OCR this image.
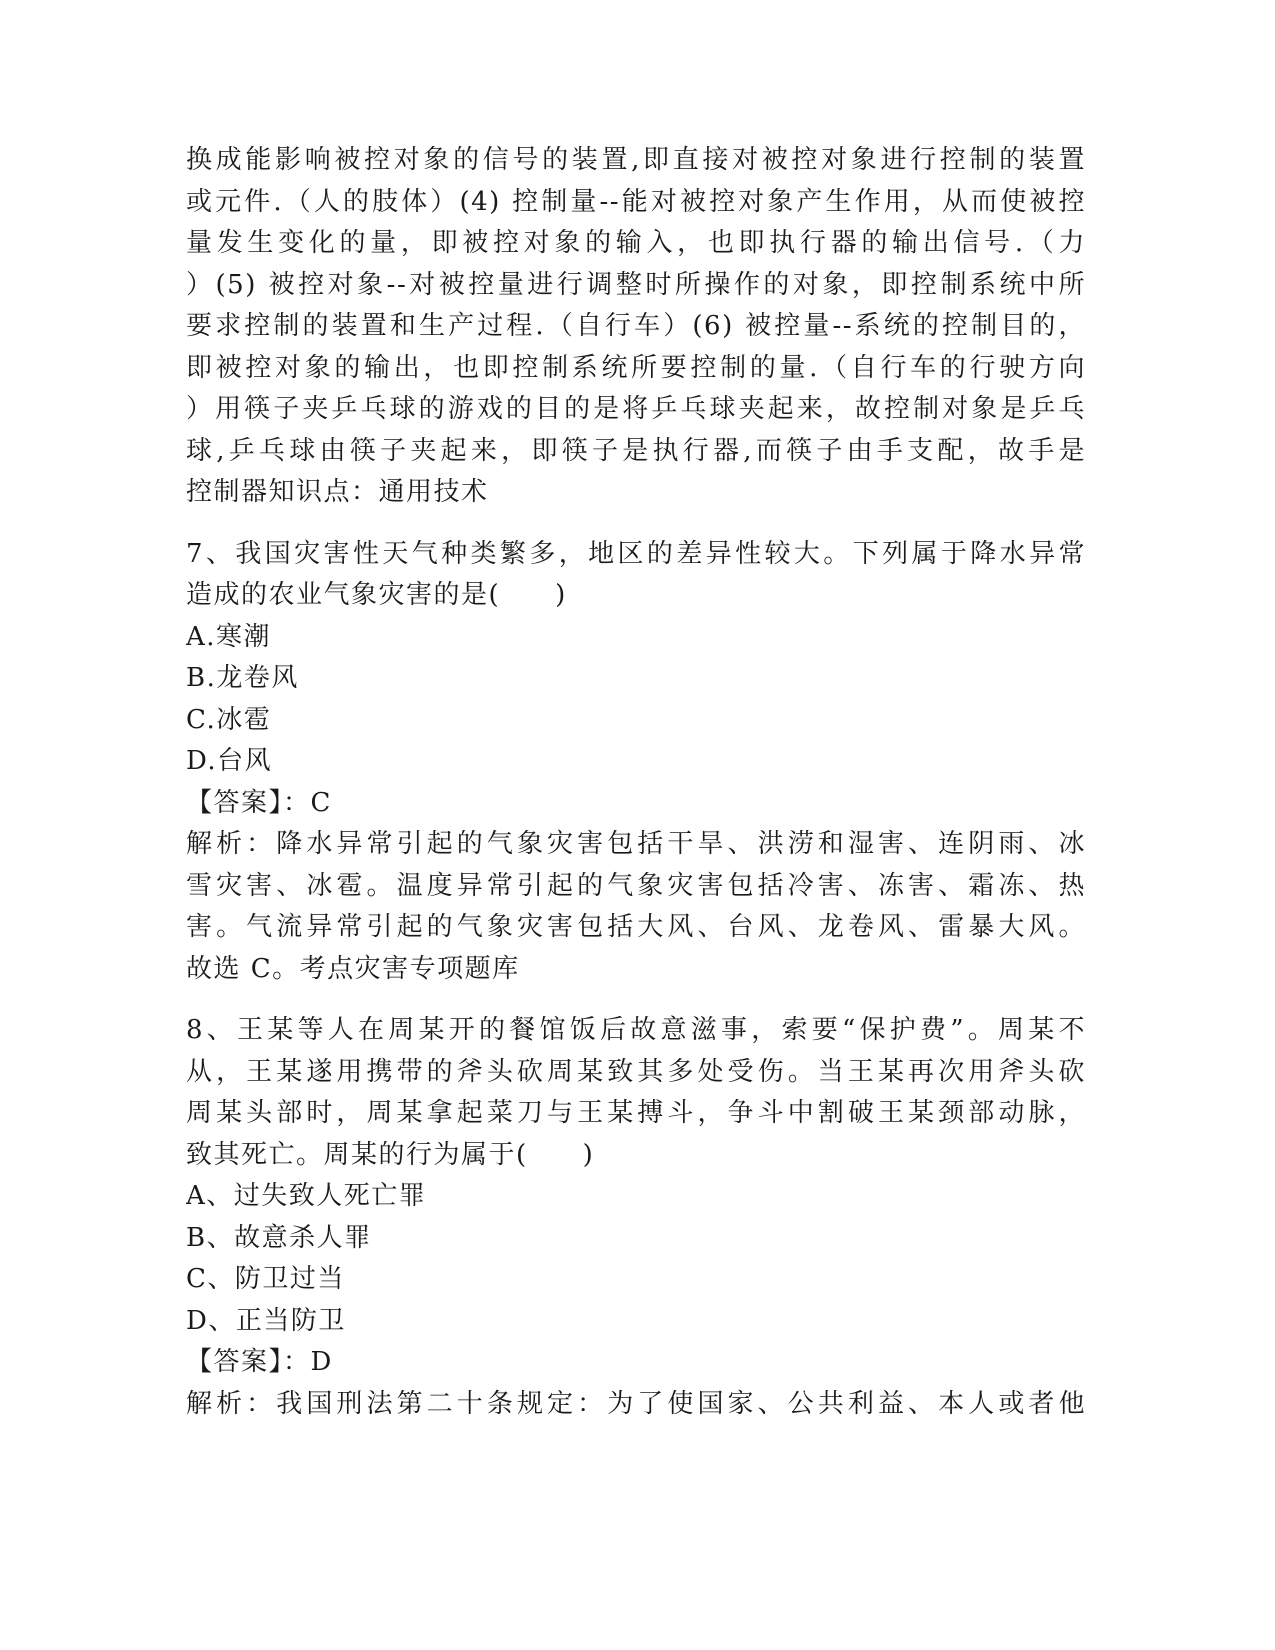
换成能影响被控对象的信号的装置,即直接对被控对象进行控制的装置
或元件.（人的肢体）(4) 控制量--能对被控对象产生作用，从而使被控
量发生变化的量，即被控对象的输入，也即执行器的输出信号.（力
）(5) 被控对象--对被控量进行调整时所操作的对象，即控制系统中所
要求控制的装置和生产过程.（自行车）(6) 被控量--系统的控制目的，
即被控对象的输出，也即控制系统所要控制的量.（自行车的行驶方向
）用筷子夹乒乓球的游戏的目的是将乒乓球夹起来，故控制对象是乒乓
球,乒乓球由筷子夹起来，即筷子是执行器,而筷子由手支配，故手是
控制器知识点：通用技术
7、我国灾害性天气种类繁多，地区的差异性较大。下列属于降水异常
造成的农业气象灾害的是(　　)
A.寒潮
B.龙卷风
C.冰雹
D.台风
【答案】：C
解析：降水异常引起的气象灾害包括干旱、洪涝和湿害、连阴雨、冰
雪灾害、冰雹。温度异常引起的气象灾害包括冷害、冻害、霜冻、热
害。气流异常引起的气象灾害包括大风、台风、龙卷风、雷暴大风。
故选 C。考点灾害专项题库
8、王某等人在周某开的餐馆饭后故意滋事，索要“保护费”。周某不
从，王某遂用携带的斧头砍周某致其多处受伤。当王某再次用斧头砍
周某头部时，周某拿起菜刀与王某搏斗，争斗中割破王某颈部动脉，
致其死亡。周某的行为属于(　　)
A、过失致人死亡罪
B、故意杀人罪
C、防卫过当
D、正当防卫
【答案】：D
解析：我国刑法第二十条规定：为了使国家、公共利益、本人或者他
